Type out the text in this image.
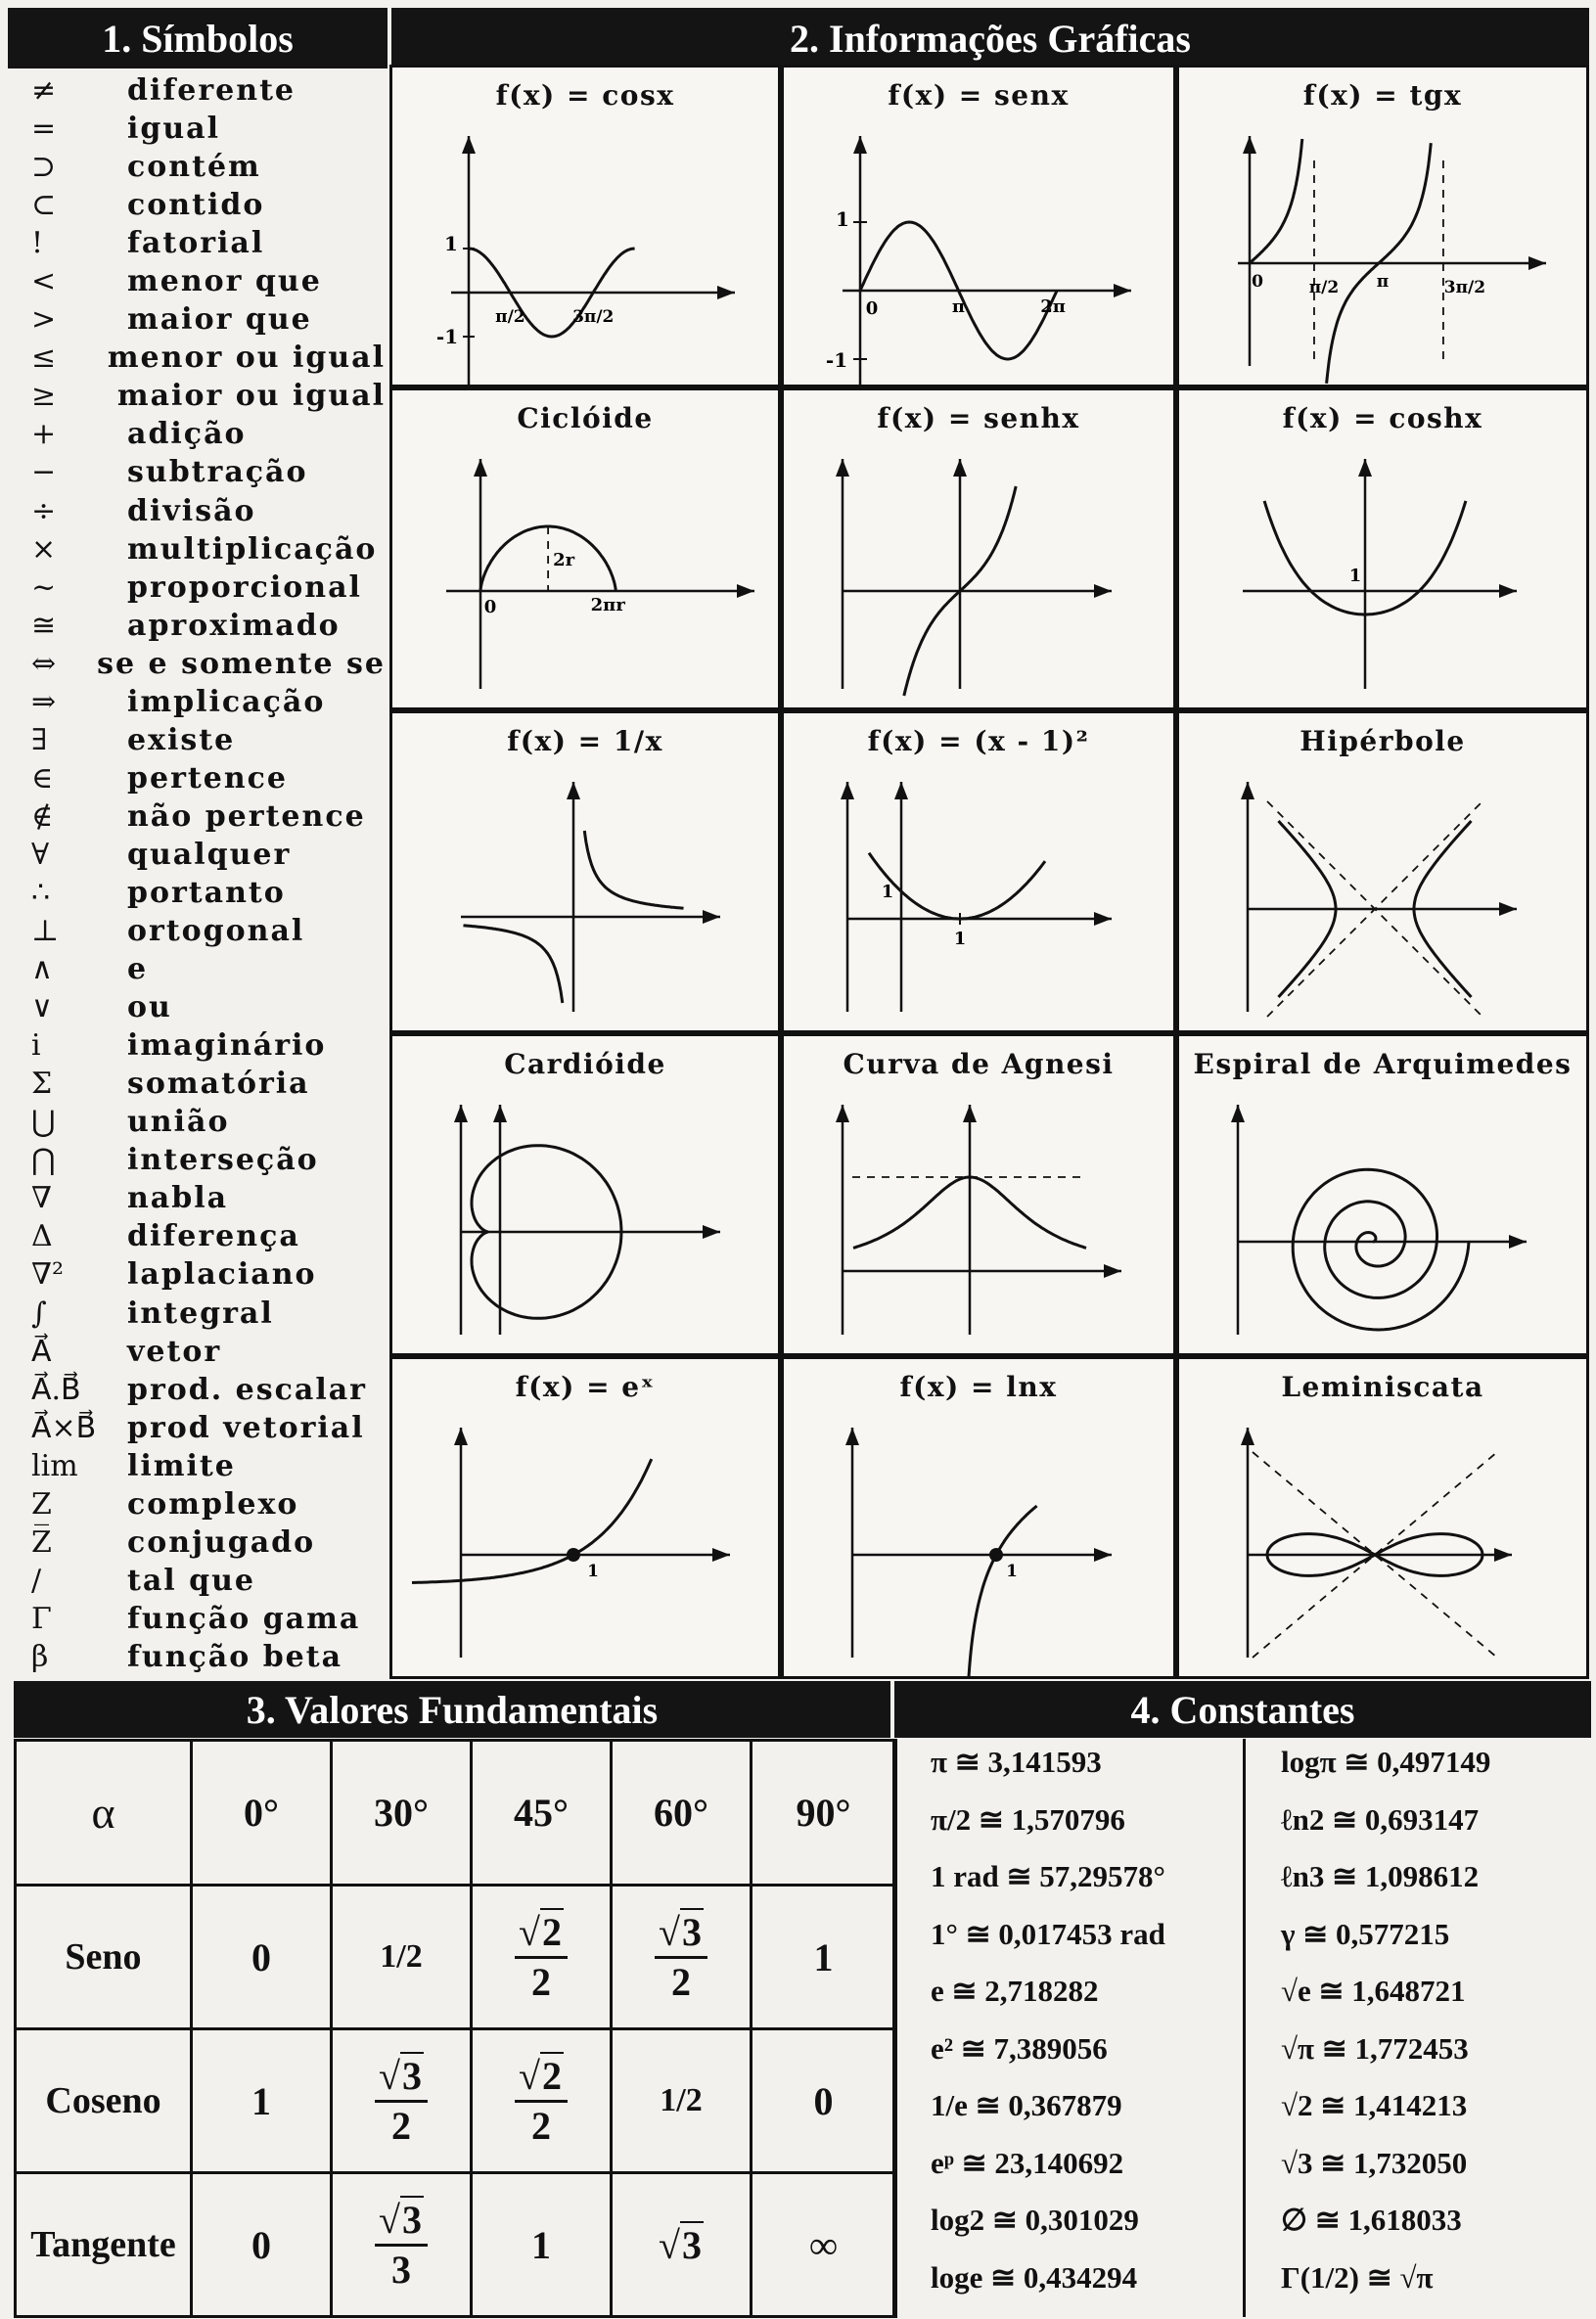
1. Símbolos	2. Informações Gráficas
3. Valores Fundamentais	4. Constantes
≠	diferente
=	igual
⊃	contém
⊂	contido
!	fatorial
<	menor que
>	maior que
≤	menor ou igual
≥	maior ou igual
+	adição
−	subtração
÷	divisão
×	multiplicação
~	proporcional
≅	aproximado
⇔	se e somente se
⇒	implicação
∃	existe
∈	pertence
∉	não pertence
∀	qualquer
∴	portanto
⊥	ortogonal
∧	e
∨	ou
i	imaginário
Σ	somatória
⋃	união
⋂	interseção
∇	nabla
Δ	diferença
∇²	laplaciano
∫	integral
A⃗	vetor
A⃗.B⃗	prod. escalar
A⃗×B⃗	prod vetorial
lim	limite
Z	complexo
Z̅	conjugado
/	tal que
Γ	função gama
β	função beta
f(x) = cosx
1
-1
π/2	3π/2
f(x) = senx
1
-1
0	π	2π
f(x) = tgx
0	π/2 π	3π/2
Ciclóide
0
2r
2πr
f(x) = senhx	f(x) = coshx
1
f(x) = 1/x	f(x) = (x - 1)²
1
1
Hipérbole
Cardióide	Curva de Agnesi	Espiral de Arquimedes
f(x) = eˣ
1
f(x) = lnx
1
Leminiscata
α	0°	30°	45°	60°	90°
Seno	0	1/2	$\frac{√2}{2}$	$\frac{√3}{2}$	1
Coseno	1	$\frac{√3}{2}$	$\frac{√2}{2}$	1/2	0
Tangente	0	$\frac{√3}{3}$	1	√3	∞
π ≅ 3,141593
π/2 ≅ 1,570796
1 rad ≅ 57,29578°
1° ≅ 0,017453 rad
e ≅ 2,718282
e² ≅ 7,389056
1/e ≅ 0,367879
eᵖ ≅ 23,140692
log2 ≅ 0,301029
loge ≅ 0,434294
logπ ≅ 0,497149
ℓn2 ≅ 0,693147
ℓn3 ≅ 1,098612
γ ≅ 0,577215
√e ≅ 1,648721
√π ≅ 1,772453
√2 ≅ 1,414213
√3 ≅ 1,732050
∅ ≅ 1,618033
Γ(1/2) ≅ √π
